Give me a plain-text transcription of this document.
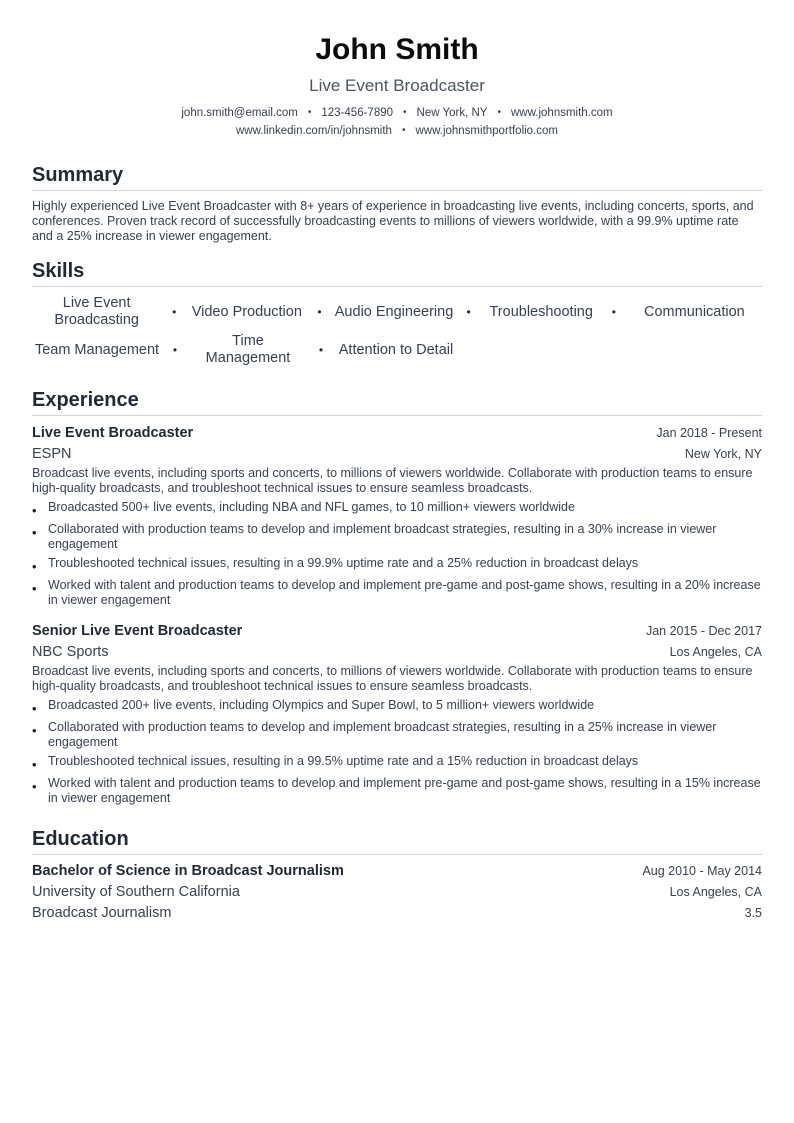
John Smith
Live Event Broadcaster
john.smith@email.com • 123-456-7890 • New York, NY • www.johnsmith.com
www.linkedin.com/in/johnsmith • www.johnsmithportfolio.com
Summary
Highly experienced Live Event Broadcaster with 8+ years of experience in broadcasting live events, including concerts, sports, and conferences. Proven track record of successfully broadcasting events to millions of viewers worldwide, with a 99.9% uptime rate and a 25% increase in viewer engagement.
Skills
Live Event Broadcasting	•	Video Production	• Audio Engineering	•	Troubleshooting	•	Communication
Team Management	•
Time Management	•	Attention to Detail
Experience
Live Event Broadcaster	Jan 2018 - Present
ESPN	New York, NY
Broadcast live events, including sports and concerts, to millions of viewers worldwide. Collaborate with production teams to ensure high-quality broadcasts, and troubleshoot technical issues to ensure seamless broadcasts.
• Broadcasted 500+ live events, including NBA and NFL games, to 10 million+ viewers worldwide
• Collaborated with production teams to develop and implement broadcast strategies, resulting in a 30% increase in viewer engagement
• Troubleshooted technical issues, resulting in a 99.9% uptime rate and a 25% reduction in broadcast delays
• Worked with talent and production teams to develop and implement pre-game and post-game shows, resulting in a 20% increase in viewer engagement
Senior Live Event Broadcaster	Jan 2015 - Dec 2017
NBC Sports	Los Angeles, CA
Broadcast live events, including sports and concerts, to millions of viewers worldwide. Collaborate with production teams to ensure high-quality broadcasts, and troubleshoot technical issues to ensure seamless broadcasts.
• Broadcasted 200+ live events, including Olympics and Super Bowl, to 5 million+ viewers worldwide
• Collaborated with production teams to develop and implement broadcast strategies, resulting in a 25% increase in viewer engagement
• Troubleshooted technical issues, resulting in a 99.5% uptime rate and a 15% reduction in broadcast delays
• Worked with talent and production teams to develop and implement pre-game and post-game shows, resulting in a 15% increase in viewer engagement
Education
Bachelor of Science in Broadcast Journalism	Aug 2010 - May 2014
University of Southern California	Los Angeles, CA
Broadcast Journalism	3.5
